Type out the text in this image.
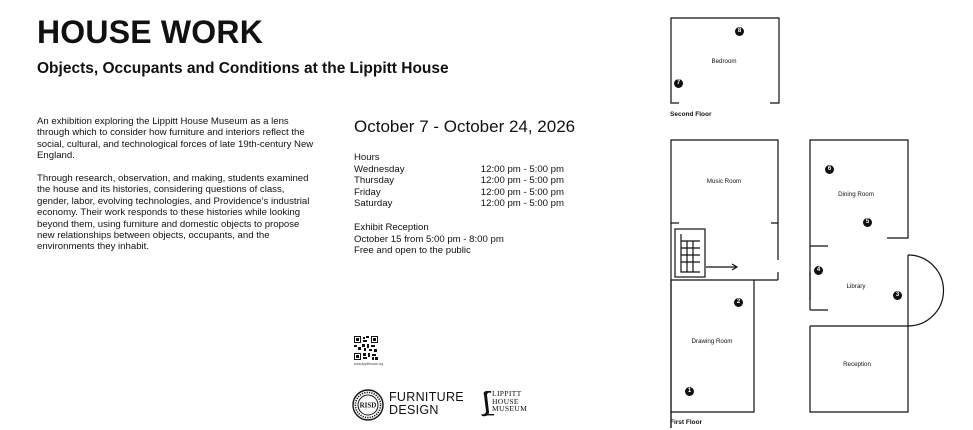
HOUSE WORK
Objects, Occupants and Conditions at the Lippitt House

An exhibition exploring the Lippitt House Museum as a lens through which to consider how furniture and interiors reflect the social, cultural, and technological forces of late 19th-century New England.

Through research, observation, and making, students examined the house and its histories, considering questions of class, gender, labor, evolving technologies, and Providence’s industrial economy. Their work responds to these histories while looking beyond them, using furniture and domestic objects to propose new relationships between objects, occupants, and the environments they inhabit.

October 7 - October 24, 2026
Hours
Wednesday	12:00 pm - 5:00 pm
Thursday	12:00 pm - 5:00 pm
Friday	12:00 pm - 5:00 pm
Saturday	12:00 pm - 5:00 pm
Exhibit Reception
October 15 from 5:00 pm - 8:00 pm
Free and open to the public
www.lippitthouse.org
RISD
FURNITURE
DESIGN
LIPPITT
HOUSE
MUSEUM
Second Floor
First Floor
Bedroom
Music Room
Dining Room
Library
Drawing Room
Reception
1
2
3
4
5
6
7
8
